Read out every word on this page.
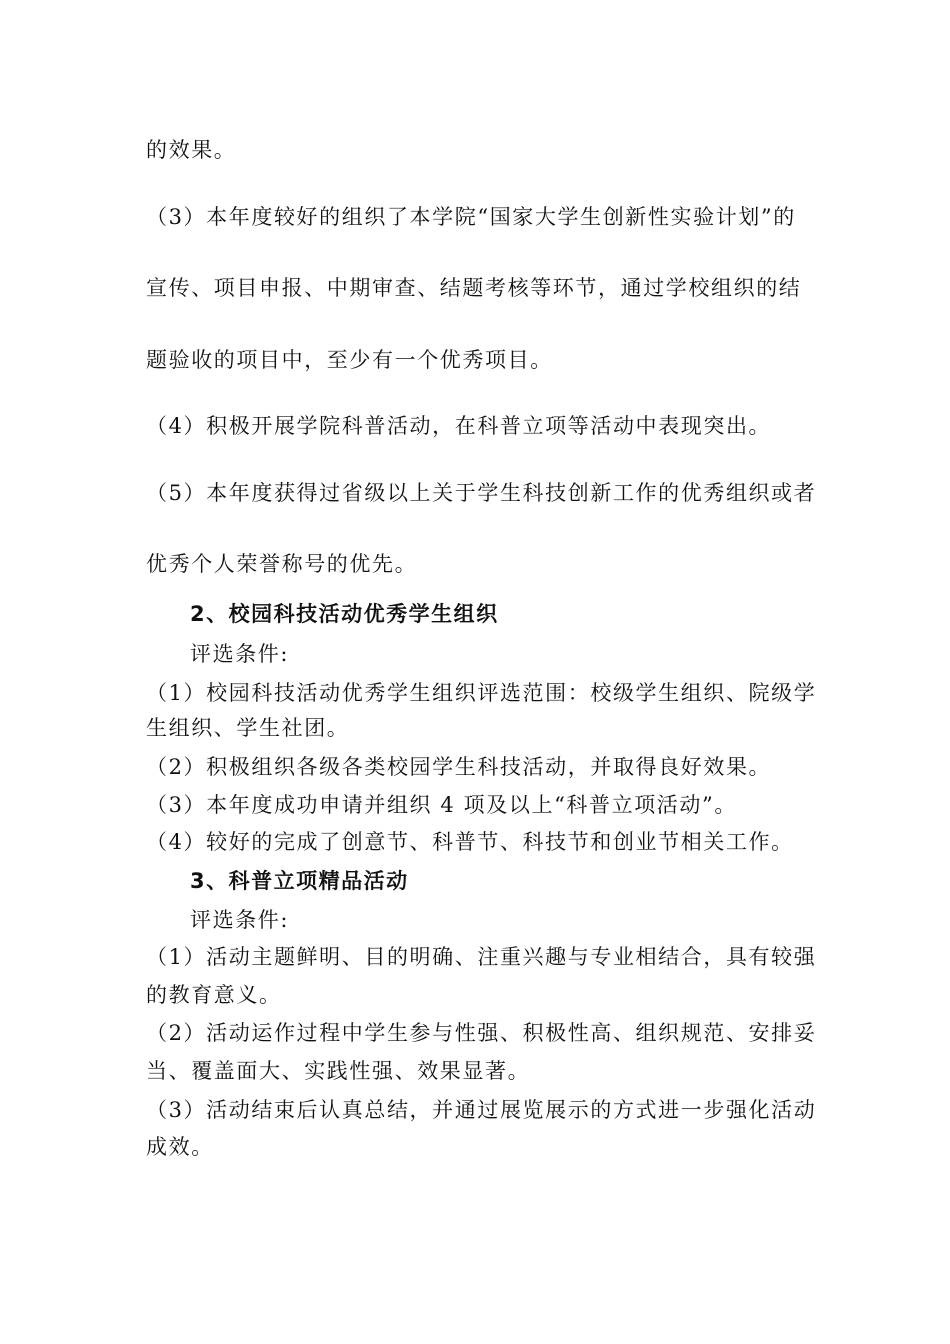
的效果。
（3）本年度较好的组织了本学院“国家大学生创新性实验计划”的
宣传、项目申报、中期审查、结题考核等环节，通过学校组织的结
题验收的项目中，至少有一个优秀项目。
（4）积极开展学院科普活动，在科普立项等活动中表现突出。
（5）本年度获得过省级以上关于学生科技创新工作的优秀组织或者
优秀个人荣誉称号的优先。
2、校园科技活动优秀学生组织
评选条件:
（1）校园科技活动优秀学生组织评选范围：校级学生组织、院级学
生组织、学生社团。
（2）积极组织各级各类校园学生科技活动，并取得良好效果。
（3）本年度成功申请并组织 4 项及以上“科普立项活动”。
（4）较好的完成了创意节、科普节、科技节和创业节相关工作。
3、科普立项精品活动
评选条件:
（1）活动主题鲜明、目的明确、注重兴趣与专业相结合，具有较强
的教育意义。
（2）活动运作过程中学生参与性强、积极性高、组织规范、安排妥
当、覆盖面大、实践性强、效果显著。
（3）活动结束后认真总结，并通过展览展示的方式进一步强化活动
成效。
